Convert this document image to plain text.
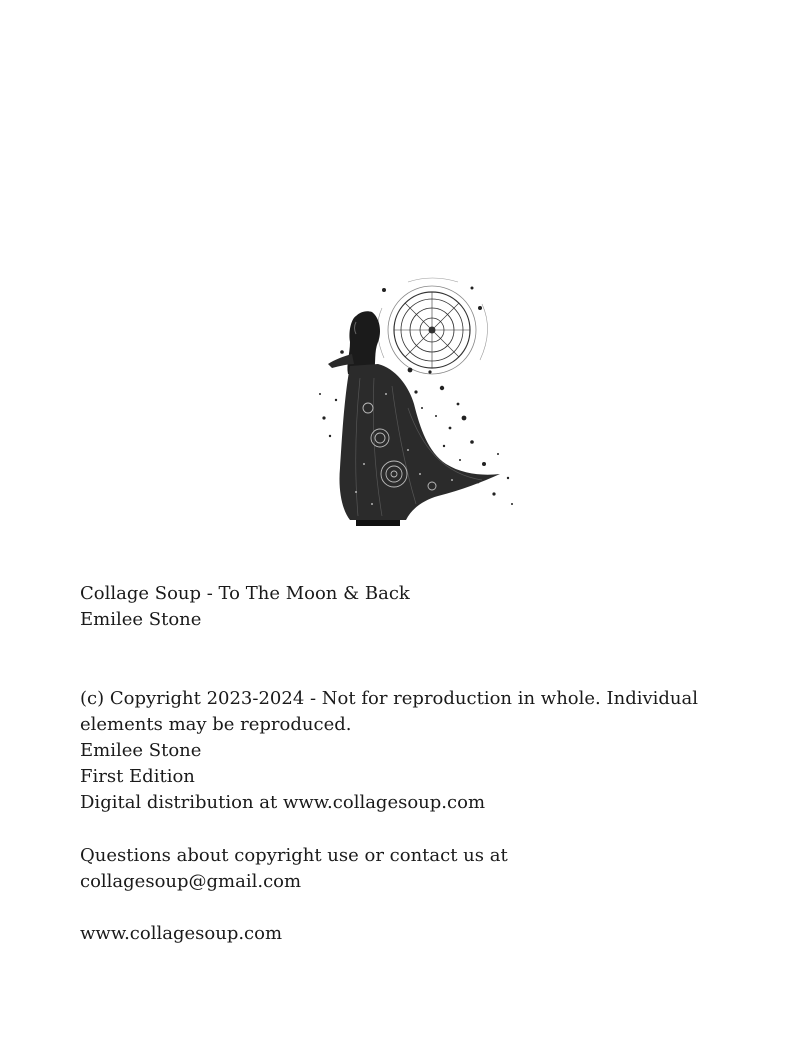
Collage Soup - To The Moon & Back
Emilee Stone
(c) Copyright 2023-2024 - Not for reproduction in whole. Individual
elements may be reproduced.
Emilee Stone
First Edition
Digital distribution at www.collagesoup.com
Questions about copyright use or contact us at
collagesoup@gmail.com
www.collagesoup.com
